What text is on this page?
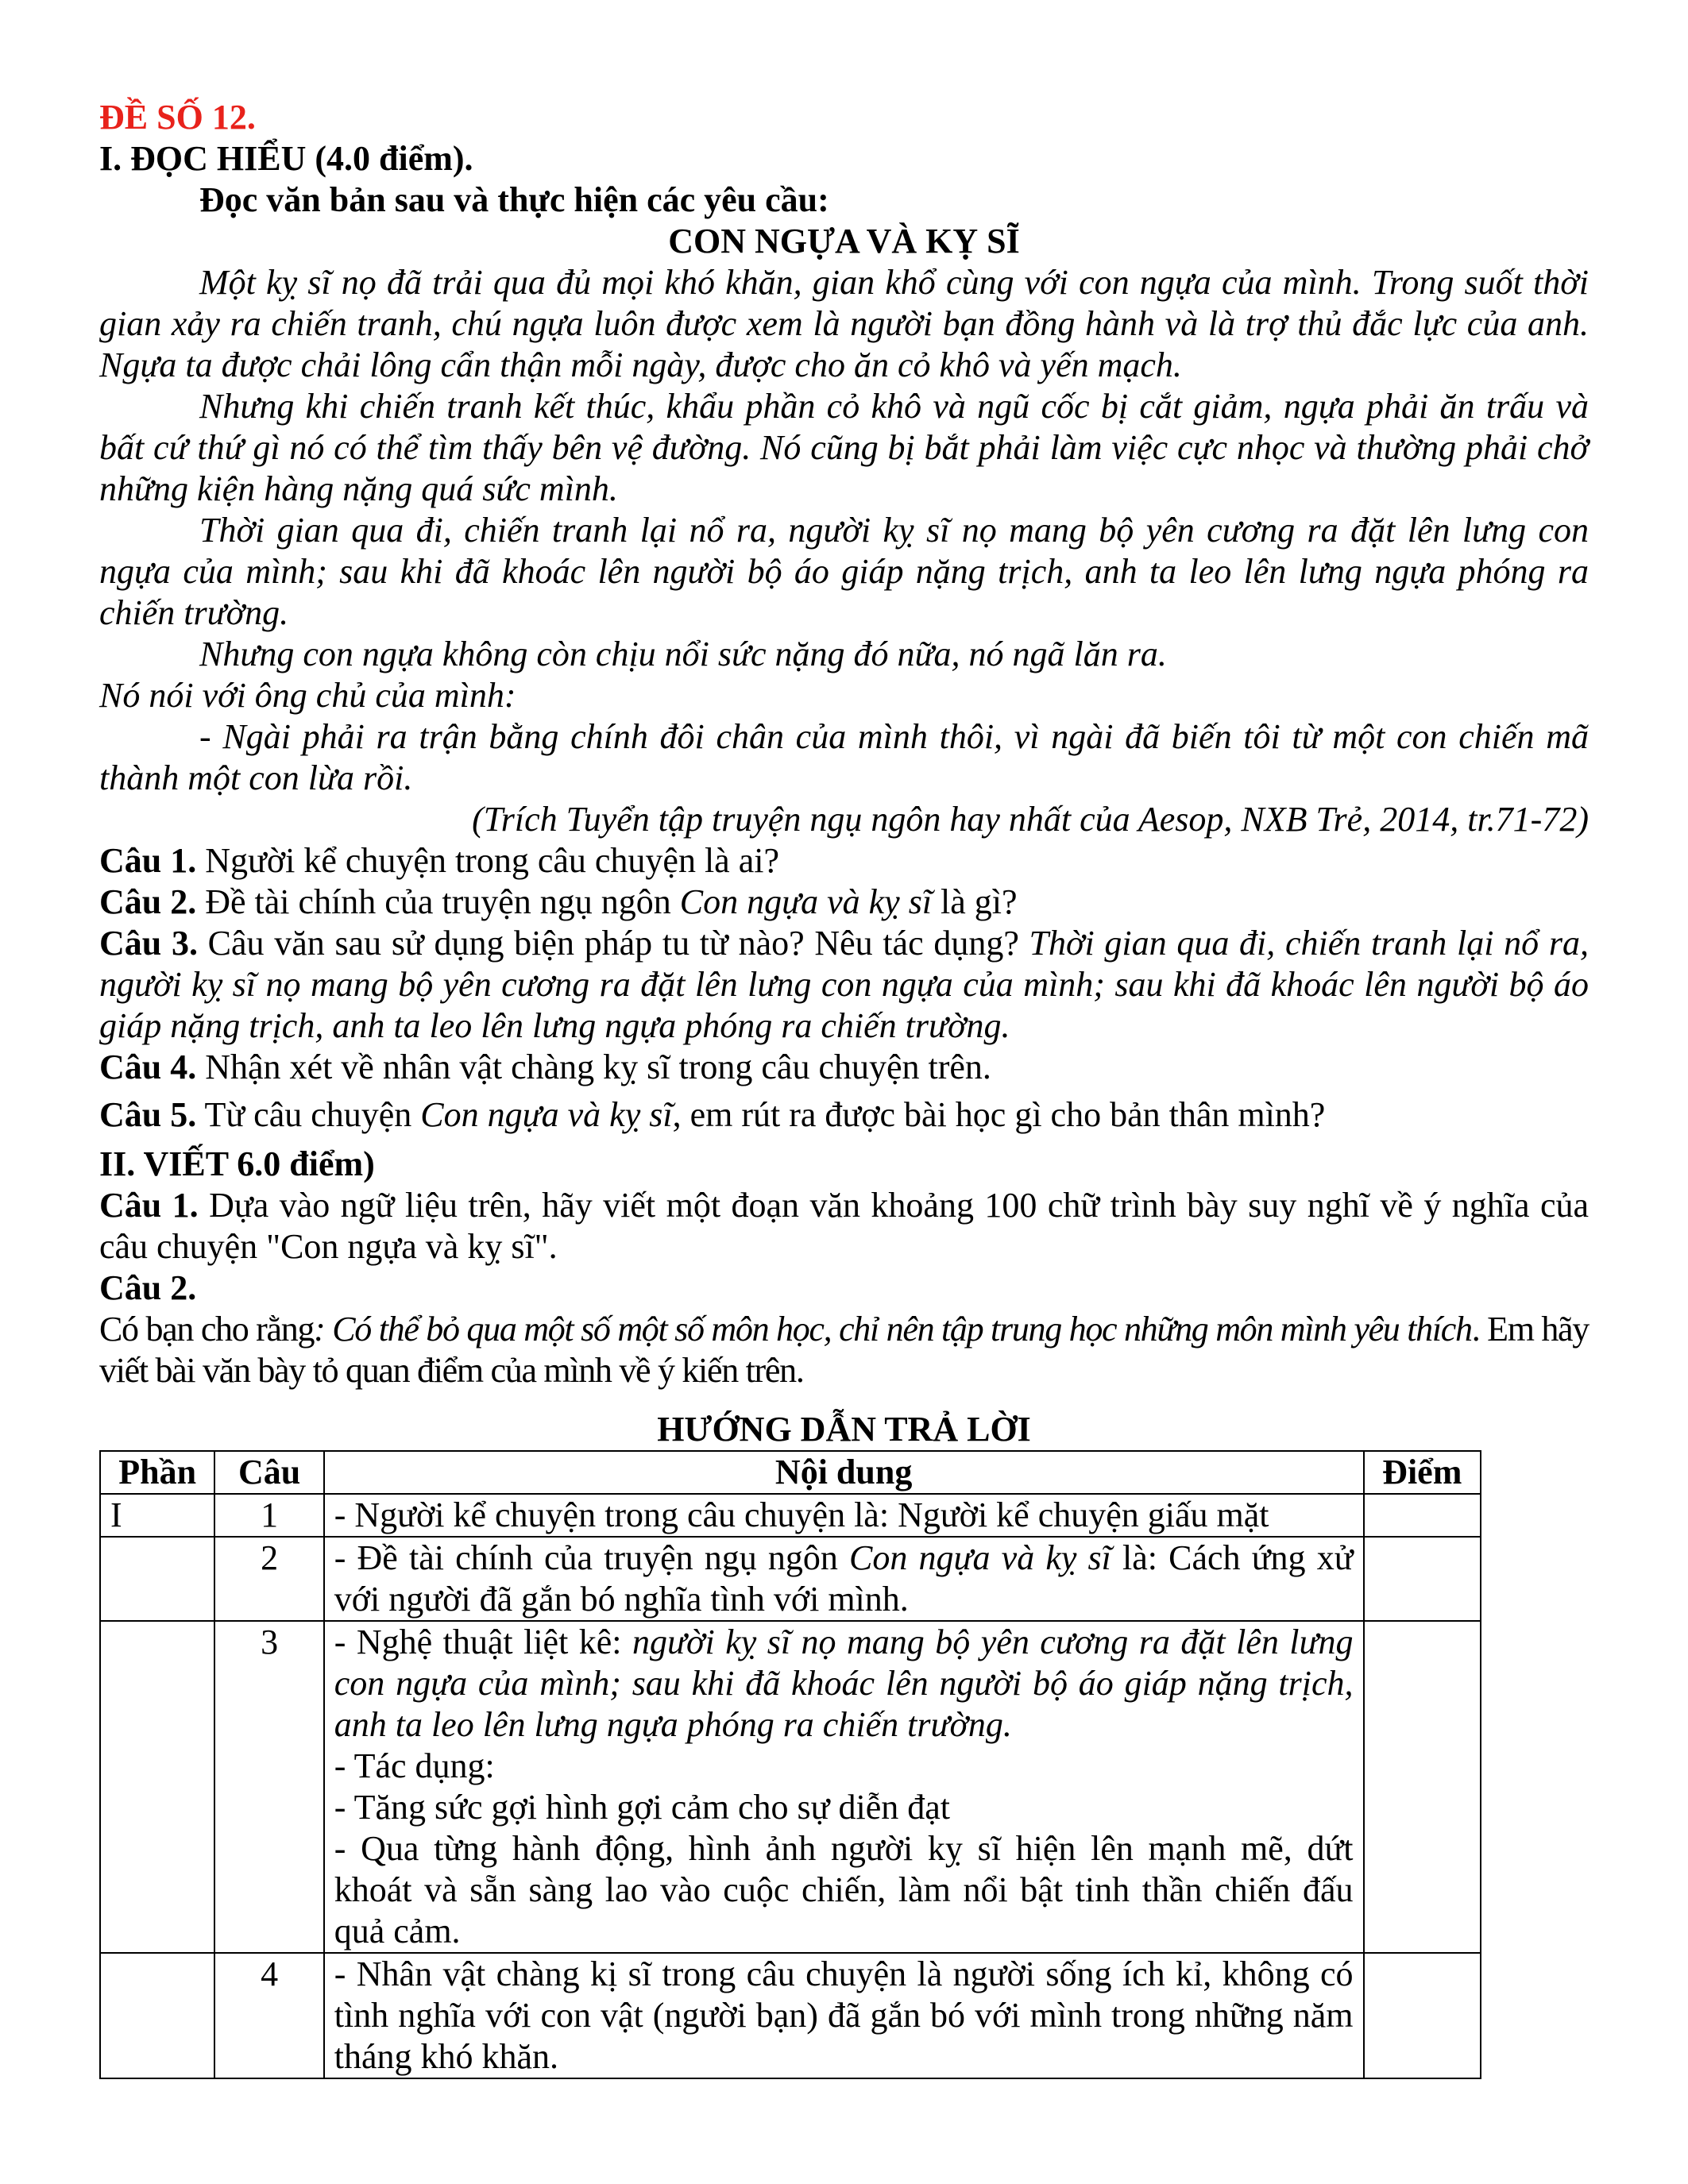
ĐỀ SỐ 12.

I. ĐỌC HIỂU (4.0 điểm).

Đọc văn bản sau và thực hiện các yêu cầu:

CON NGỰA VÀ KỴ SĨ

Một kỵ sĩ nọ đã trải qua đủ mọi khó khăn, gian khổ cùng với con ngựa của mình. Trong suốt thời gian xảy ra chiến tranh, chú ngựa luôn được xem là người bạn đồng hành và là trợ thủ đắc lực của anh. Ngựa ta được chải lông cẩn thận mỗi ngày, được cho ăn cỏ khô và yến mạch.

Nhưng khi chiến tranh kết thúc, khẩu phần cỏ khô và ngũ cốc bị cắt giảm, ngựa phải ăn trấu và bất cứ thứ gì nó có thể tìm thấy bên vệ đường. Nó cũng bị bắt phải làm việc cực nhọc và thường phải chở những kiện hàng nặng quá sức mình.

Thời gian qua đi, chiến tranh lại nổ ra, người kỵ sĩ nọ mang bộ yên cương ra đặt lên lưng con ngựa của mình; sau khi đã khoác lên người bộ áo giáp nặng trịch, anh ta leo lên lưng ngựa phóng ra chiến trường.

Nhưng con ngựa không còn chịu nổi sức nặng đó nữa, nó ngã lăn ra.

Nó nói với ông chủ của mình:

- Ngài phải ra trận bằng chính đôi chân của mình thôi, vì ngài đã biến tôi từ một con chiến mã thành một con lừa rồi.

(Trích Tuyển tập truyện ngụ ngôn hay nhất của Aesop, NXB Trẻ, 2014, tr.71-72)

Câu 1. Người kể chuyện trong câu chuyện là ai?

Câu 2. Đề tài chính của truyện ngụ ngôn Con ngựa và kỵ sĩ là gì?

Câu 3. Câu văn sau sử dụng biện pháp tu từ nào? Nêu tác dụng? Thời gian qua đi, chiến tranh lại nổ ra, người kỵ sĩ nọ mang bộ yên cương ra đặt lên lưng con ngựa của mình; sau khi đã khoác lên người bộ áo giáp nặng trịch, anh ta leo lên lưng ngựa phóng ra chiến trường.

Câu 4. Nhận xét về nhân vật chàng kỵ sĩ trong câu chuyện trên.

Câu 5. Từ câu chuyện Con ngựa và kỵ sĩ, em rút ra được bài học gì cho bản thân mình?

II. VIẾT 6.0 điểm)

Câu 1. Dựa vào ngữ liệu trên, hãy viết một đoạn văn khoảng 100 chữ trình bày suy nghĩ về ý nghĩa của câu chuyện "Con ngựa và kỵ sĩ".

Câu 2.

Có bạn cho rằng: Có thể bỏ qua một số một số môn học, chỉ nên tập trung học những môn mình yêu thích. Em hãy viết bài văn bày tỏ quan điểm của mình về ý kiến trên.

HƯỚNG DẪN TRẢ LỜI
Phần	Câu	Nội dung	Điểm
I	1	- Người kể chuyện trong câu chuyện là: Người kể chuyện giấu mặt	
	2	- Đề tài chính của truyện ngụ ngôn Con ngựa và kỵ sĩ là: Cách ứng xử với người đã gắn bó nghĩa tình với mình.	
	3	- Nghệ thuật liệt kê: người kỵ sĩ nọ mang bộ yên cương ra đặt lên lưng con ngựa của mình; sau khi đã khoác lên người bộ áo giáp nặng trịch, anh ta leo lên lưng ngựa phóng ra chiến trường.
- Tác dụng:
- Tăng sức gợi hình gợi cảm cho sự diễn đạt
- Qua từng hành động, hình ảnh người kỵ sĩ hiện lên mạnh mẽ, dứt khoát và sẵn sàng lao vào cuộc chiến, làm nổi bật tinh thần chiến đấu quả cảm.	

	4	- Nhân vật chàng kị sĩ trong câu chuyện là người sống ích kỉ, không có tình nghĩa với con vật (người bạn) đã gắn bó với mình trong những năm tháng khó khăn.	
